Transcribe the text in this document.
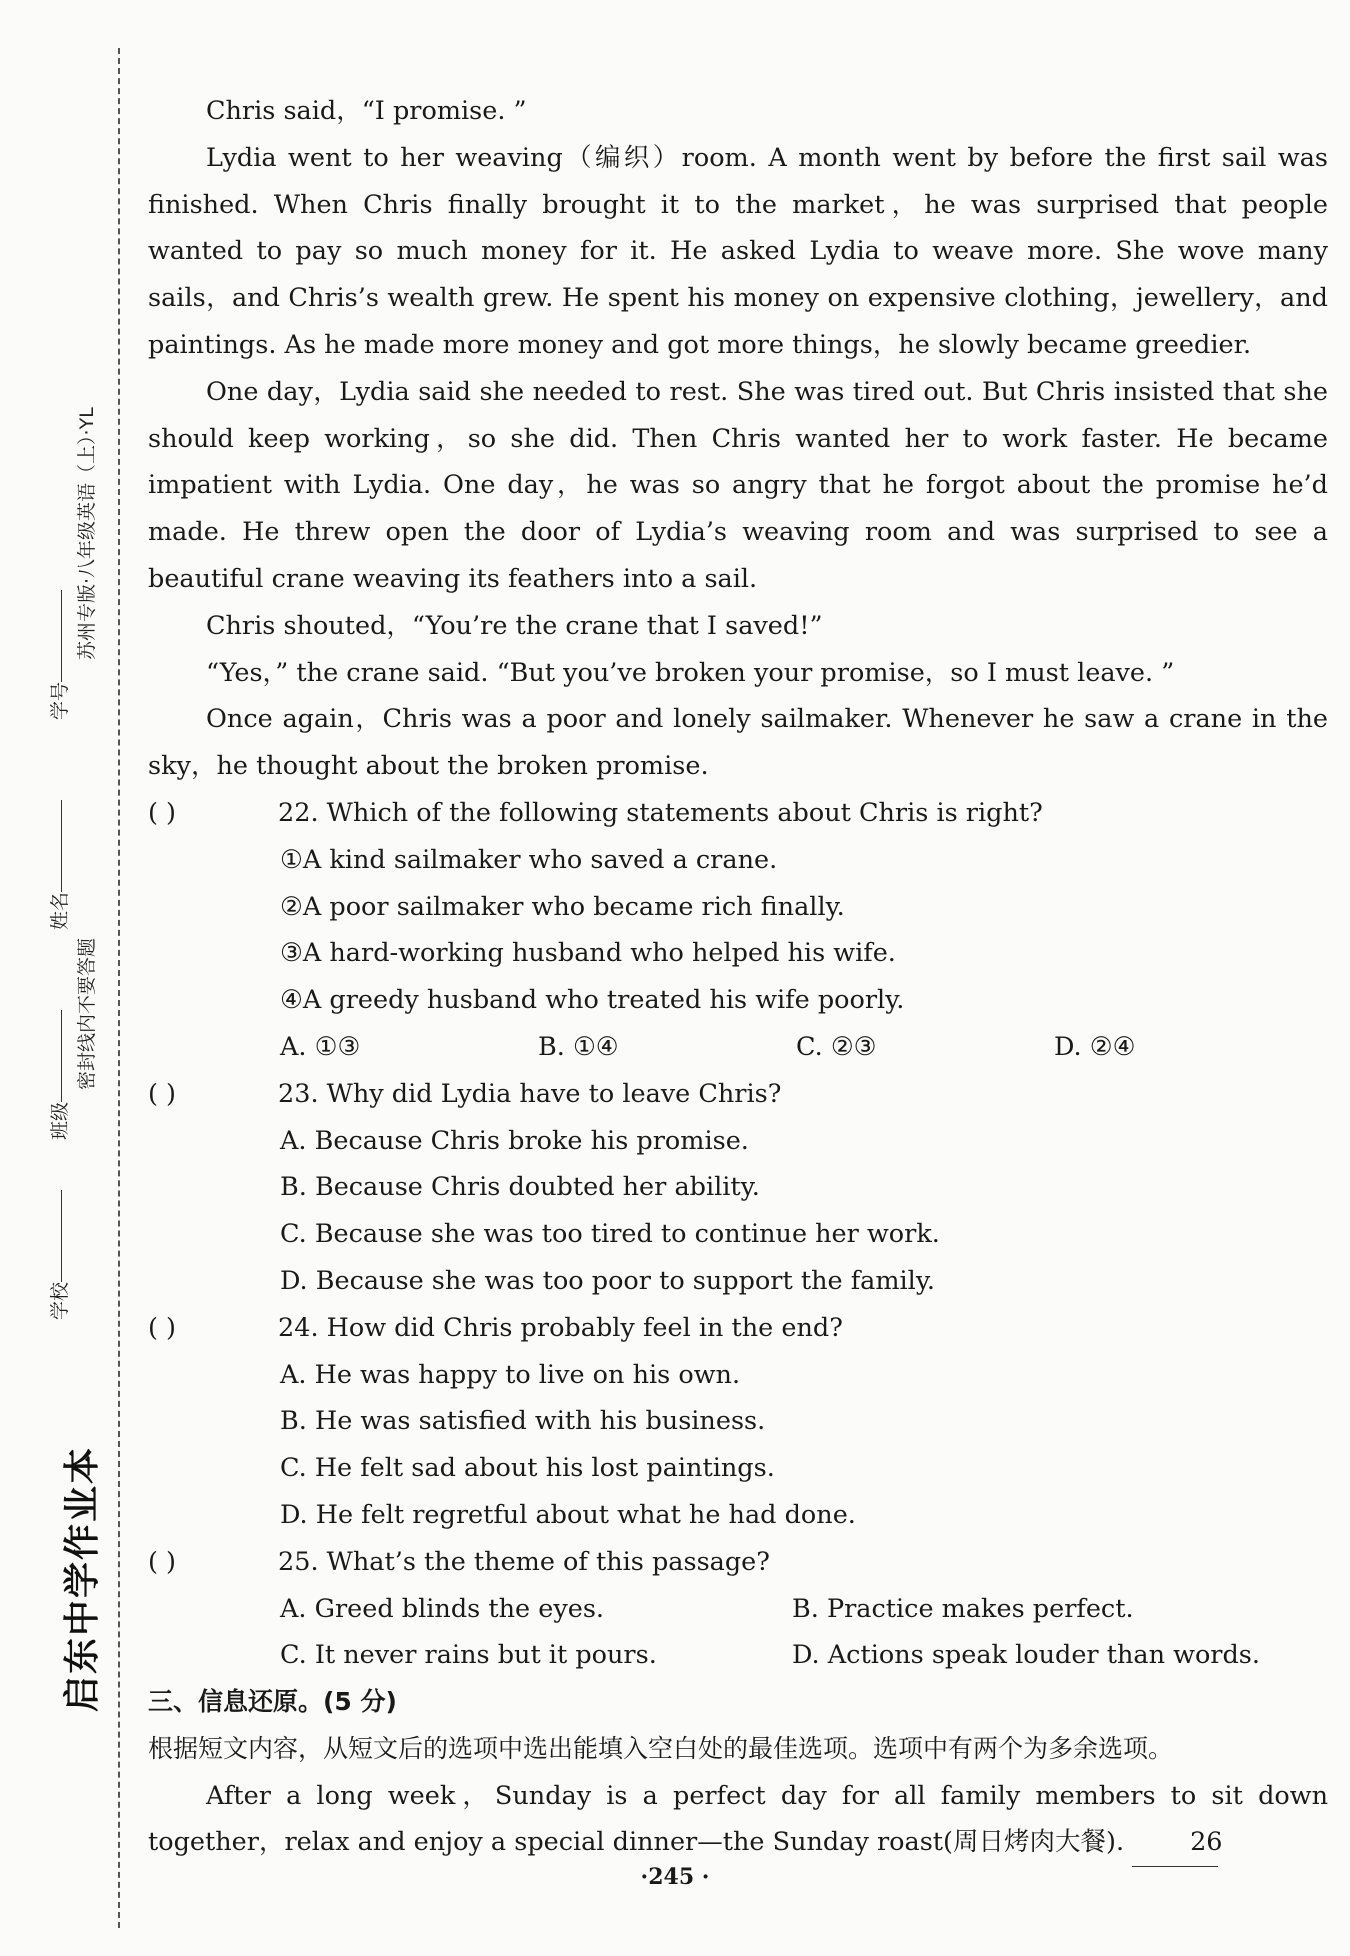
学校
班级
姓名
学号
密封线内不要答题
苏州专版·八年级英语（上）·YL
启东中学作业本

Chris said，“I promise. ”

Lydia went to her weaving（编织）room. A month went by before the first sail was finished. When Chris finally brought it to the market，he was surprised that people wanted to pay so much money for it. He asked Lydia to weave more. She wove many sails，and Chris’s wealth grew. He spent his money on expensive clothing，jewellery，and paintings. As he made more money and got more things，he slowly became greedier.

One day，Lydia said she needed to rest. She was tired out. But Chris insisted that she should keep working，so she did. Then Chris wanted her to work faster. He became impatient with Lydia. One day，he was so angry that he forgot about the promise he’d made. He threw open the door of Lydia’s weaving room and was surprised to see a beautiful crane weaving its feathers into a sail.

Chris shouted，“You’re the crane that I saved!”

“Yes，” the crane said. “But you’ve broken your promise，so I must leave. ”

Once again，Chris was a poor and lonely sailmaker. Whenever he saw a crane in the sky，he thought about the broken promise.

( )	22. Which of the following statements about Chris is right?

①A kind sailmaker who saved a crane.

②A poor sailmaker who became rich finally.

③A hard-working husband who helped his wife.

④A greedy husband who treated his wife poorly.

A. ①③	B. ①④	C. ②③	D. ②④

( )	23. Why did Lydia have to leave Chris?

A. Because Chris broke his promise.

B. Because Chris doubted her ability.

C. Because she was too tired to continue her work.

D. Because she was too poor to support the family.

( )	24. How did Chris probably feel in the end?

A. He was happy to live on his own.

B. He was satisfied with his business.

C. He felt sad about his lost paintings.

D. He felt regretful about what he had done.

( )	25. What’s the theme of this passage?

A. Greed blinds the eyes.	B. Practice makes perfect.

C. It never rains but it pours.	D. Actions speak louder than words.

三、信息还原。(5 分)

根据短文内容，从短文后的选项中选出能填入空白处的最佳选项。选项中有两个为多余选项。

After a long week，Sunday is a perfect day for all family members to sit down together，relax and enjoy a special dinner—the Sunday roast(周日烤肉大餐).	26

·245 ·
